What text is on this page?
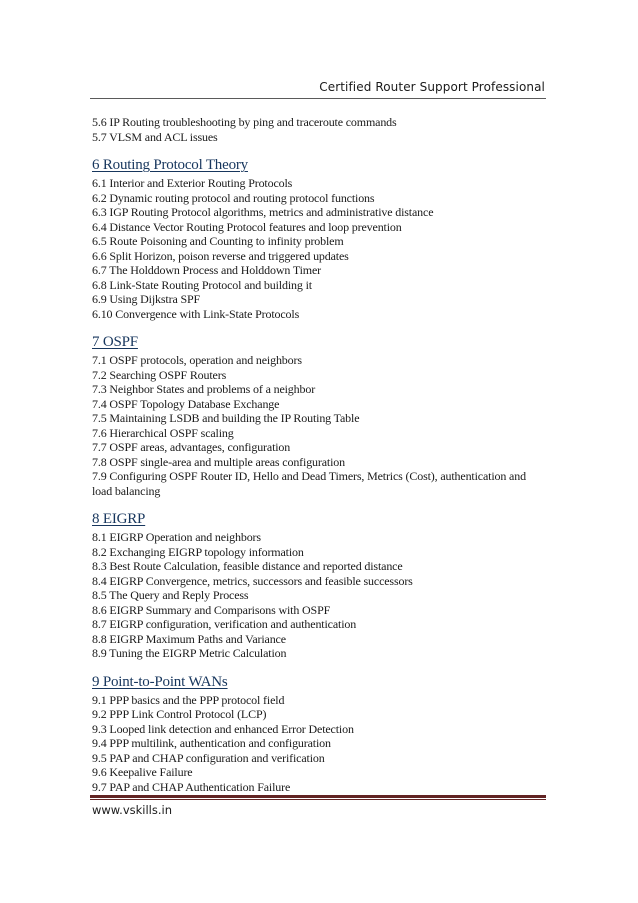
Certified Router Support Professional
5.6 IP Routing troubleshooting by ping and traceroute commands
5.7 VLSM and ACL issues
6 Routing Protocol Theory
6.1 Interior and Exterior Routing Protocols
6.2 Dynamic routing protocol and routing protocol functions
6.3 IGP Routing Protocol algorithms, metrics and administrative distance
6.4 Distance Vector Routing Protocol features and loop prevention
6.5 Route Poisoning and Counting to infinity problem
6.6 Split Horizon, poison reverse and triggered updates
6.7 The Holddown Process and Holddown Timer
6.8 Link-State Routing Protocol and building it
6.9 Using Dijkstra SPF
6.10 Convergence with Link-State Protocols
7 OSPF
7.1 OSPF protocols, operation and neighbors
7.2 Searching OSPF Routers
7.3 Neighbor States and problems of a neighbor
7.4 OSPF Topology Database Exchange
7.5 Maintaining LSDB and building the IP Routing Table
7.6 Hierarchical OSPF scaling
7.7 OSPF areas, advantages, configuration
7.8 OSPF single-area and multiple areas configuration
7.9 Configuring OSPF Router ID, Hello and Dead Timers, Metrics (Cost), authentication and load balancing
8 EIGRP
8.1 EIGRP Operation and neighbors
8.2 Exchanging EIGRP topology information
8.3 Best Route Calculation, feasible distance and reported distance
8.4 EIGRP Convergence, metrics, successors and feasible successors
8.5 The Query and Reply Process
8.6 EIGRP Summary and Comparisons with OSPF
8.7 EIGRP configuration, verification and authentication
8.8 EIGRP Maximum Paths and Variance
8.9 Tuning the EIGRP Metric Calculation
9 Point-to-Point WANs
9.1 PPP basics and the PPP protocol field
9.2 PPP Link Control Protocol (LCP)
9.3 Looped link detection and enhanced Error Detection
9.4 PPP multilink, authentication and configuration
9.5 PAP and CHAP configuration and verification
9.6 Keepalive Failure
9.7 PAP and CHAP Authentication Failure
www.vskills.in
